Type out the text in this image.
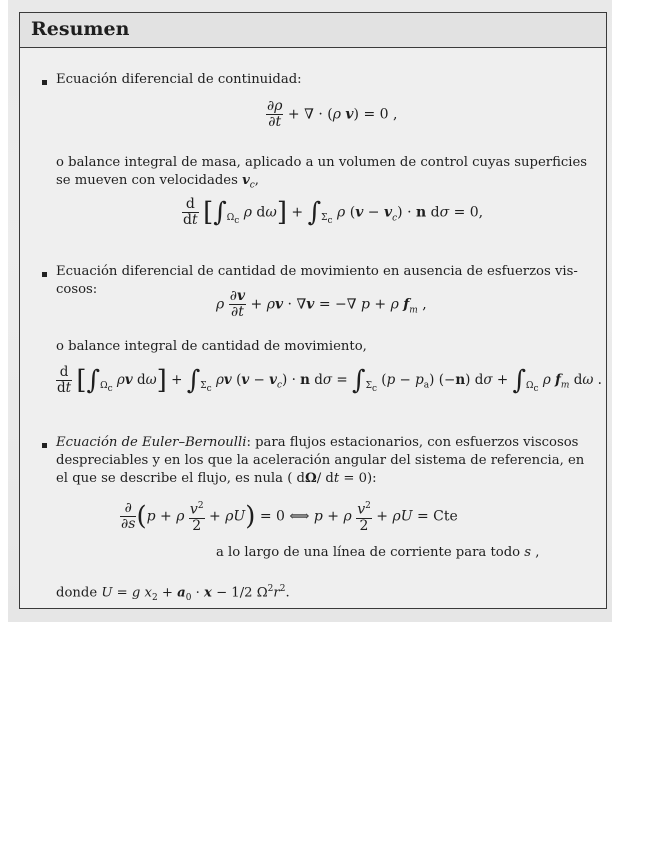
Resumen
Ecuación diferencial de continuidad:
$\frac{\partial\rho}{\partial t}$ + ∇ · (ρ v) = 0 ,
o balance integral de masa, aplicado a un volumen de control cuyas superficies
se mueven con velocidades $v_c$,
$\frac{d}{dt} [\int_{\Omega_c}$ ρ $d\omega] + \int_{\Sigma_c}$ ρ $(v - v_c) \cdot n$ dσ = 0,
Ecuación diferencial de cantidad de movimiento en ausencia de esfuerzos vis-
cosos:
ρ $\frac{\partial v}{\partial t} + \rho v \cdot \nabla v$ = −∇ p + ρ $f_m$ ,
o balance integral de cantidad de movimiento,
$\frac{d}{dt} [\int_{\Omega_c}$ ρv $d\omega] + \int_{\Sigma_c}$ ρv $(v - v_c) \cdot n$ $d\sigma = \int_{\Sigma_c}$ $(p - p_a)$ (−n) $d\sigma + \int_{\Omega_c}$ ρ $f_m$ dω .
Ecuación de Euler–Bernoulli: para flujos estacionarios, con esfuerzos viscosos
despreciables y en los que la aceleración angular del sistema de referencia, en
el que se describe el flujo, es nula ( dΩ/ dt = 0):
$\frac{\partial}{\partial s} (p + \rho \frac{v^2}{2} + \rho U) = 0$ ⟺ p + ρ $\frac{v^2}{2} + \rho U$ = Cte
a lo largo de una línea de corriente para todo s ,
donde U = g $x_2 + a_0 \cdot x - 1/2$ $\Omega^2r^2$.
